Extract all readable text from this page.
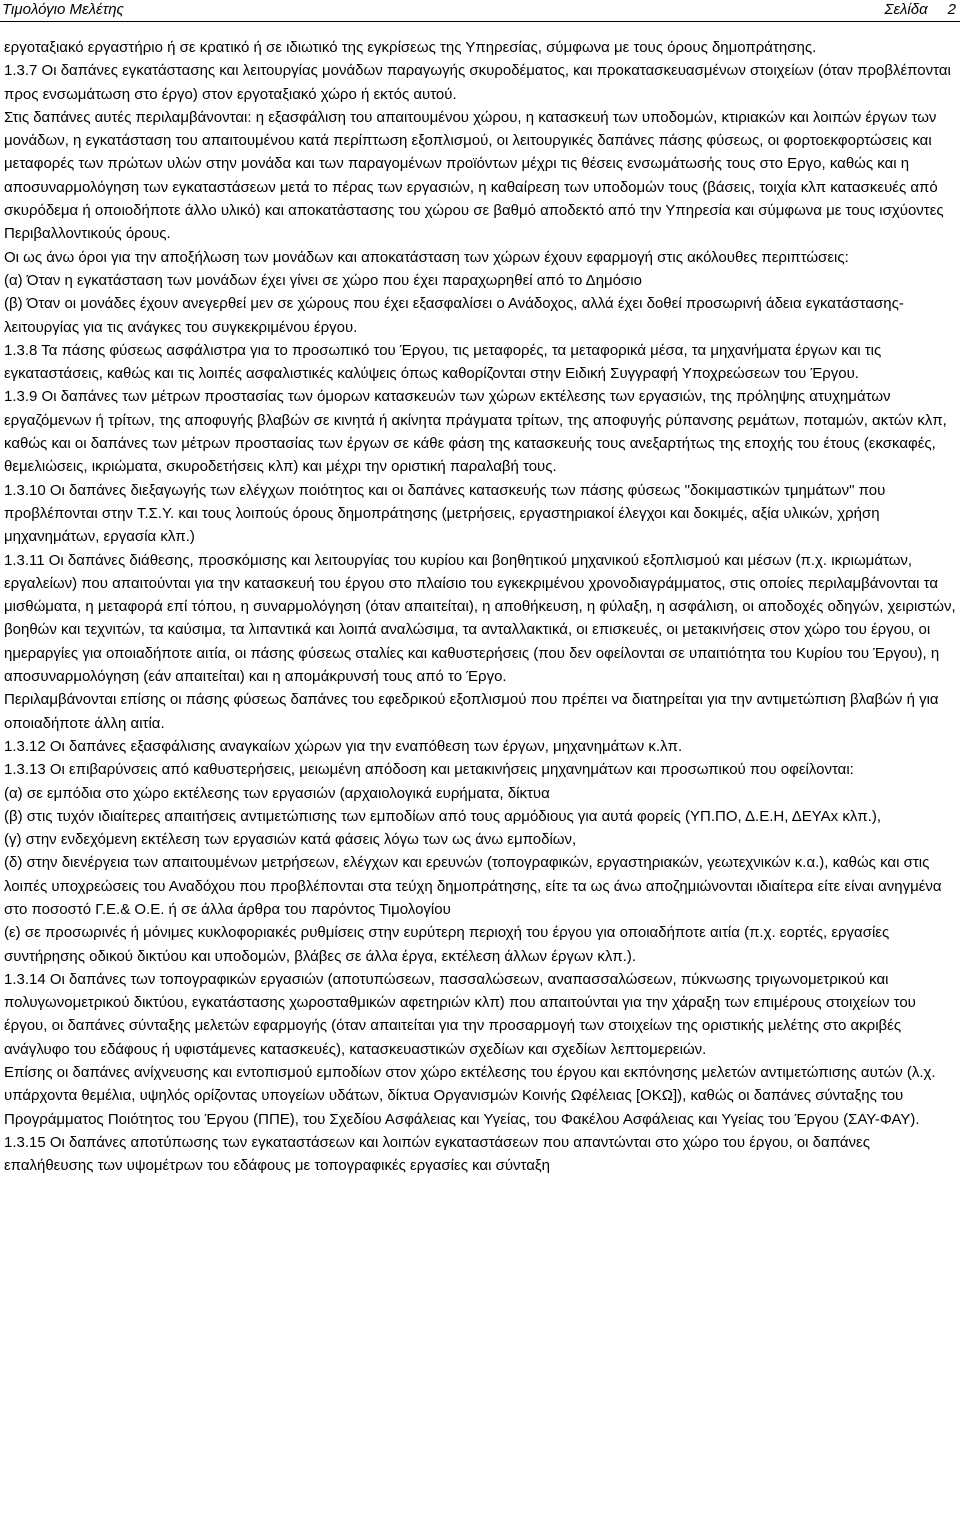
Τιμολόγιο Μελέτης	Σελίδα 2

εργοταξιακό εργαστήριο ή σε κρατικό ή σε ιδιωτικό της εγκρίσεως της Υπηρεσίας, σύμφωνα με τους όρους δημοπράτησης.

1.3.7 Οι δαπάνες εγκατάστασης και λειτουργίας μονάδων παραγωγής σκυροδέματος, και προκατασκευασμένων στοιχείων (όταν προβλέπονται προς ενσωμάτωση στο έργο) στον εργοταξιακό χώρο ή εκτός αυτού.

Στις δαπάνες αυτές περιλαμβάνονται: η εξασφάλιση του απαιτουμένου χώρου, η κατασκευή των υποδομών, κτιριακών και λοιπών έργων των μονάδων, η εγκατάσταση του απαιτουμένου κατά περίπτωση εξοπλισμού, οι λειτουργικές δαπάνες πάσης φύσεως, οι φορτοεκφορτώσεις και μεταφορές των πρώτων υλών στην μονάδα και των παραγομένων προϊόντων μέχρι τις θέσεις ενσωμάτωσής τους στο Εργο, καθώς και η αποσυναρμολόγηση των εγκαταστάσεων μετά το πέρας των εργασιών, η καθαίρεση των υποδομών τους (βάσεις, τοιχία κλπ κατασκευές από σκυρόδεμα ή οποιοδήποτε άλλο υλικό) και αποκατάστασης του χώρου σε βαθμό αποδεκτό από την Υπηρεσία και σύμφωνα με τους ισχύοντες Περιβαλλοντικούς όρους.

Οι ως άνω όροι για την αποξήλωση των μονάδων και αποκατάσταση των χώρων έχουν εφαρμογή στις ακόλουθες περιπτώσεις:

(α) Όταν η εγκατάσταση των μονάδων έχει γίνει σε χώρο που έχει παραχωρηθεί από το Δημόσιο

(β) Όταν οι μονάδες έχουν ανεγερθεί μεν σε χώρους που έχει εξασφαλίσει ο Ανάδοχος, αλλά έχει δοθεί προσωρινή άδεια εγκατάστασης-λειτουργίας για τις ανάγκες του συγκεκριμένου έργου.

1.3.8 Τα πάσης φύσεως ασφάλιστρα για το προσωπικό του Έργου, τις μεταφορές, τα μεταφορικά μέσα, τα μηχανήματα έργων και τις εγκαταστάσεις, καθώς και τις λοιπές ασφαλιστικές καλύψεις όπως καθορίζονται στην Ειδική Συγγραφή Υποχρεώσεων του Έργου.

1.3.9 Οι δαπάνες των μέτρων προστασίας των όμορων κατασκευών των χώρων εκτέλεσης των εργασιών, της πρόληψης ατυχημάτων εργαζόμενων ή τρίτων, της αποφυγής βλαβών σε κινητά ή ακίνητα πράγματα τρίτων, της αποφυγής ρύπανσης ρεμάτων, ποταμών, ακτών κλπ, καθώς και οι δαπάνες των μέτρων προστασίας των έργων σε κάθε φάση της κατασκευής τους ανεξαρτήτως της εποχής του έτους (εκσκαφές, θεμελιώσεις, ικριώματα, σκυροδετήσεις κλπ) και μέχρι την οριστική παραλαβή τους.

1.3.10 Οι δαπάνες διεξαγωγής των ελέγχων ποιότητος και οι δαπάνες κατασκευής των πάσης φύσεως "δοκιμαστικών τμημάτων" που προβλέπονται στην Τ.Σ.Υ. και τους λοιπούς όρους δημοπράτησης (μετρήσεις, εργαστηριακοί έλεγχοι και δοκιμές, αξία υλικών, χρήση μηχανημάτων, εργασία κλπ.)

1.3.11 Οι δαπάνες διάθεσης, προσκόμισης και λειτουργίας του κυρίου και βοηθητικού μηχανικού εξοπλισμού και μέσων (π.χ. ικριωμάτων, εργαλείων) που απαιτούνται για την κατασκευή του έργου στο πλαίσιο του εγκεκριμένου χρονοδιαγράμματος, στις οποίες περιλαμβάνονται τα μισθώματα, η μεταφορά επί τόπου, η συναρμολόγηση (όταν απαιτείται), η αποθήκευση, η φύλαξη, η ασφάλιση, οι αποδοχές οδηγών, χειριστών, βοηθών και τεχνιτών, τα καύσιμα, τα λιπαντικά και λοιπά αναλώσιμα, τα ανταλλακτικά, οι επισκευές, οι μετακινήσεις στον χώρο του έργου, οι ημεραργίες για οποιαδήποτε αιτία, οι πάσης φύσεως σταλίες και καθυστερήσεις (που δεν οφείλονται σε υπαιτιότητα του Κυρίου του Έργου), η αποσυναρμολόγηση (εάν απαιτείται) και η απομάκρυνσή τους από το Έργο.

Περιλαμβάνονται επίσης οι πάσης φύσεως δαπάνες του εφεδρικού εξοπλισμού που πρέπει να διατηρείται για την αντιμετώπιση βλαβών ή για οποιαδήποτε άλλη αιτία.

1.3.12 Οι δαπάνες εξασφάλισης αναγκαίων χώρων για την εναπόθεση των έργων, μηχανημάτων κ.λπ.

1.3.13 Οι επιβαρύνσεις από καθυστερήσεις, μειωμένη απόδοση και μετακινήσεις μηχανημάτων και προσωπικού που οφείλονται:

(α) σε εμπόδια στο χώρο εκτέλεσης των εργασιών (αρχαιολογικά ευρήματα, δίκτυα

(β) στις τυχόν ιδιαίτερες απαιτήσεις αντιμετώπισης των εμποδίων από τους αρμόδιους για αυτά φορείς (ΥΠ.ΠΟ, Δ.Ε.Η, ΔΕΥΑx κλπ.),

(γ) στην ενδεχόμενη εκτέλεση των εργασιών κατά φάσεις λόγω των ως άνω εμποδίων,

(δ) στην διενέργεια των απαιτουμένων μετρήσεων, ελέγχων και ερευνών (τοπογραφικών, εργαστηριακών, γεωτεχνικών κ.α.), καθώς και στις λοιπές υποχρεώσεις του Αναδόχου που προβλέπονται στα τεύχη δημοπράτησης, είτε τα ως άνω αποζημιώνονται ιδιαίτερα είτε είναι ανηγμένα στο ποσοστό Γ.Ε.& Ο.Ε. ή σε άλλα άρθρα του παρόντος Τιμολογίου

(ε) σε προσωρινές ή μόνιμες κυκλοφοριακές ρυθμίσεις στην ευρύτερη περιοχή του έργου για οποιαδήποτε αιτία (π.χ. εορτές, εργασίες συντήρησης οδικού δικτύου και υποδομών, βλάβες σε άλλα έργα, εκτέλεση άλλων έργων κλπ.).

1.3.14 Οι δαπάνες των τοπογραφικών εργασιών (αποτυπώσεων, πασσαλώσεων, αναπασσαλώσεων, πύκνωσης τριγωνομετρικού και πολυγωνομετρικού δικτύου, εγκατάστασης χωροσταθμικών αφετηριών κλπ) που απαιτούνται για την χάραξη των επιμέρους στοιχείων του έργου, οι δαπάνες σύνταξης μελετών εφαρμογής (όταν απαιτείται για την προσαρμογή των στοιχείων της οριστικής μελέτης στο ακριβές ανάγλυφο του εδάφους ή υφιστάμενες κατασκευές), κατασκευαστικών σχεδίων και σχεδίων λεπτομερειών.

Επίσης οι δαπάνες ανίχνευσης και εντοπισμού εμποδίων στον χώρο εκτέλεσης του έργου και εκπόνησης μελετών αντιμετώπισης αυτών (λ.χ. υπάρχοντα θεμέλια, υψηλός ορίζοντας υπογείων υδάτων, δίκτυα Οργανισμών Κοινής Ωφέλειας [ΟΚΩ]), καθώς οι δαπάνες σύνταξης του Προγράμματος Ποιότητος του Έργου (ΠΠΕ), του Σχεδίου Ασφάλειας και Υγείας, του Φακέλου Ασφάλειας και Υγείας του Έργου (ΣΑΥ-ΦΑΥ).

1.3.15 Οι δαπάνες αποτύπωσης των εγκαταστάσεων και λοιπών εγκαταστάσεων που απαντώνται στο χώρο του έργου, οι δαπάνες επαλήθευσης των υψομέτρων του εδάφους με τοπογραφικές εργασίες και σύνταξη
